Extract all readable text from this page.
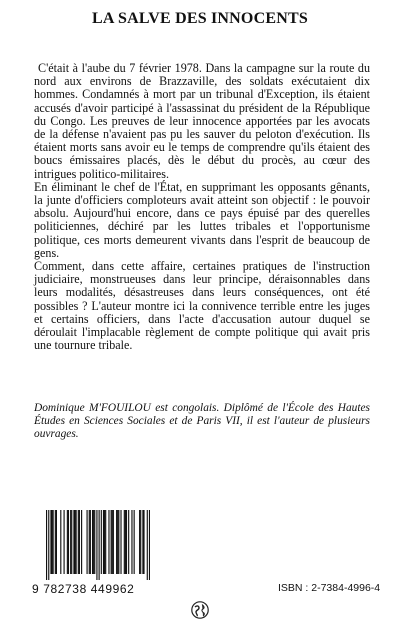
LA SALVE DES INNOCENTS

C'était à l'aube du 7 février 1978. Dans la campagne sur la route du nord aux environs de Brazzaville, des soldats exécutaient dix hommes. Condamnés à mort par un tribunal d'Exception, ils étaient accusés d'avoir participé à l'assassinat du président de la République du Congo. Les preuves de leur innocence apportées par les avocats de la défense n'avaient pas pu les sauver du peloton d'exécution. Ils étaient morts sans avoir eu le temps de comprendre qu'ils étaient des boucs émissaires placés, dès le début du procès, au cœur des intrigues politico-militaires.

En éliminant le chef de l'État, en supprimant les opposants gênants, la junte d'officiers comploteurs avait atteint son objectif : le pouvoir absolu. Aujourd'hui encore, dans ce pays épuisé par des querelles politiciennes, déchiré par les luttes tribales et l'opportunisme politique, ces morts demeurent vivants dans l'esprit de beaucoup de gens.

Comment, dans cette affaire, certaines pratiques de l'instruction judiciaire, monstrueuses dans leur principe, déraisonnables dans leurs modalités, désastreuses dans leurs conséquences, ont été possibles ? L'auteur montre ici la connivence terrible entre les juges et certains officiers, dans l'acte d'accusation autour duquel se déroulait l'implacable règlement de compte politique qui avait pris une tournure tribale.

Dominique M'FOUILOU est congolais. Diplômé de l'École des Hautes Études en Sciences Sociales et de Paris VII, il est l'auteur de plusieurs ouvrages.
9 782738 449962	ISBN : 2-7384-4996-4
